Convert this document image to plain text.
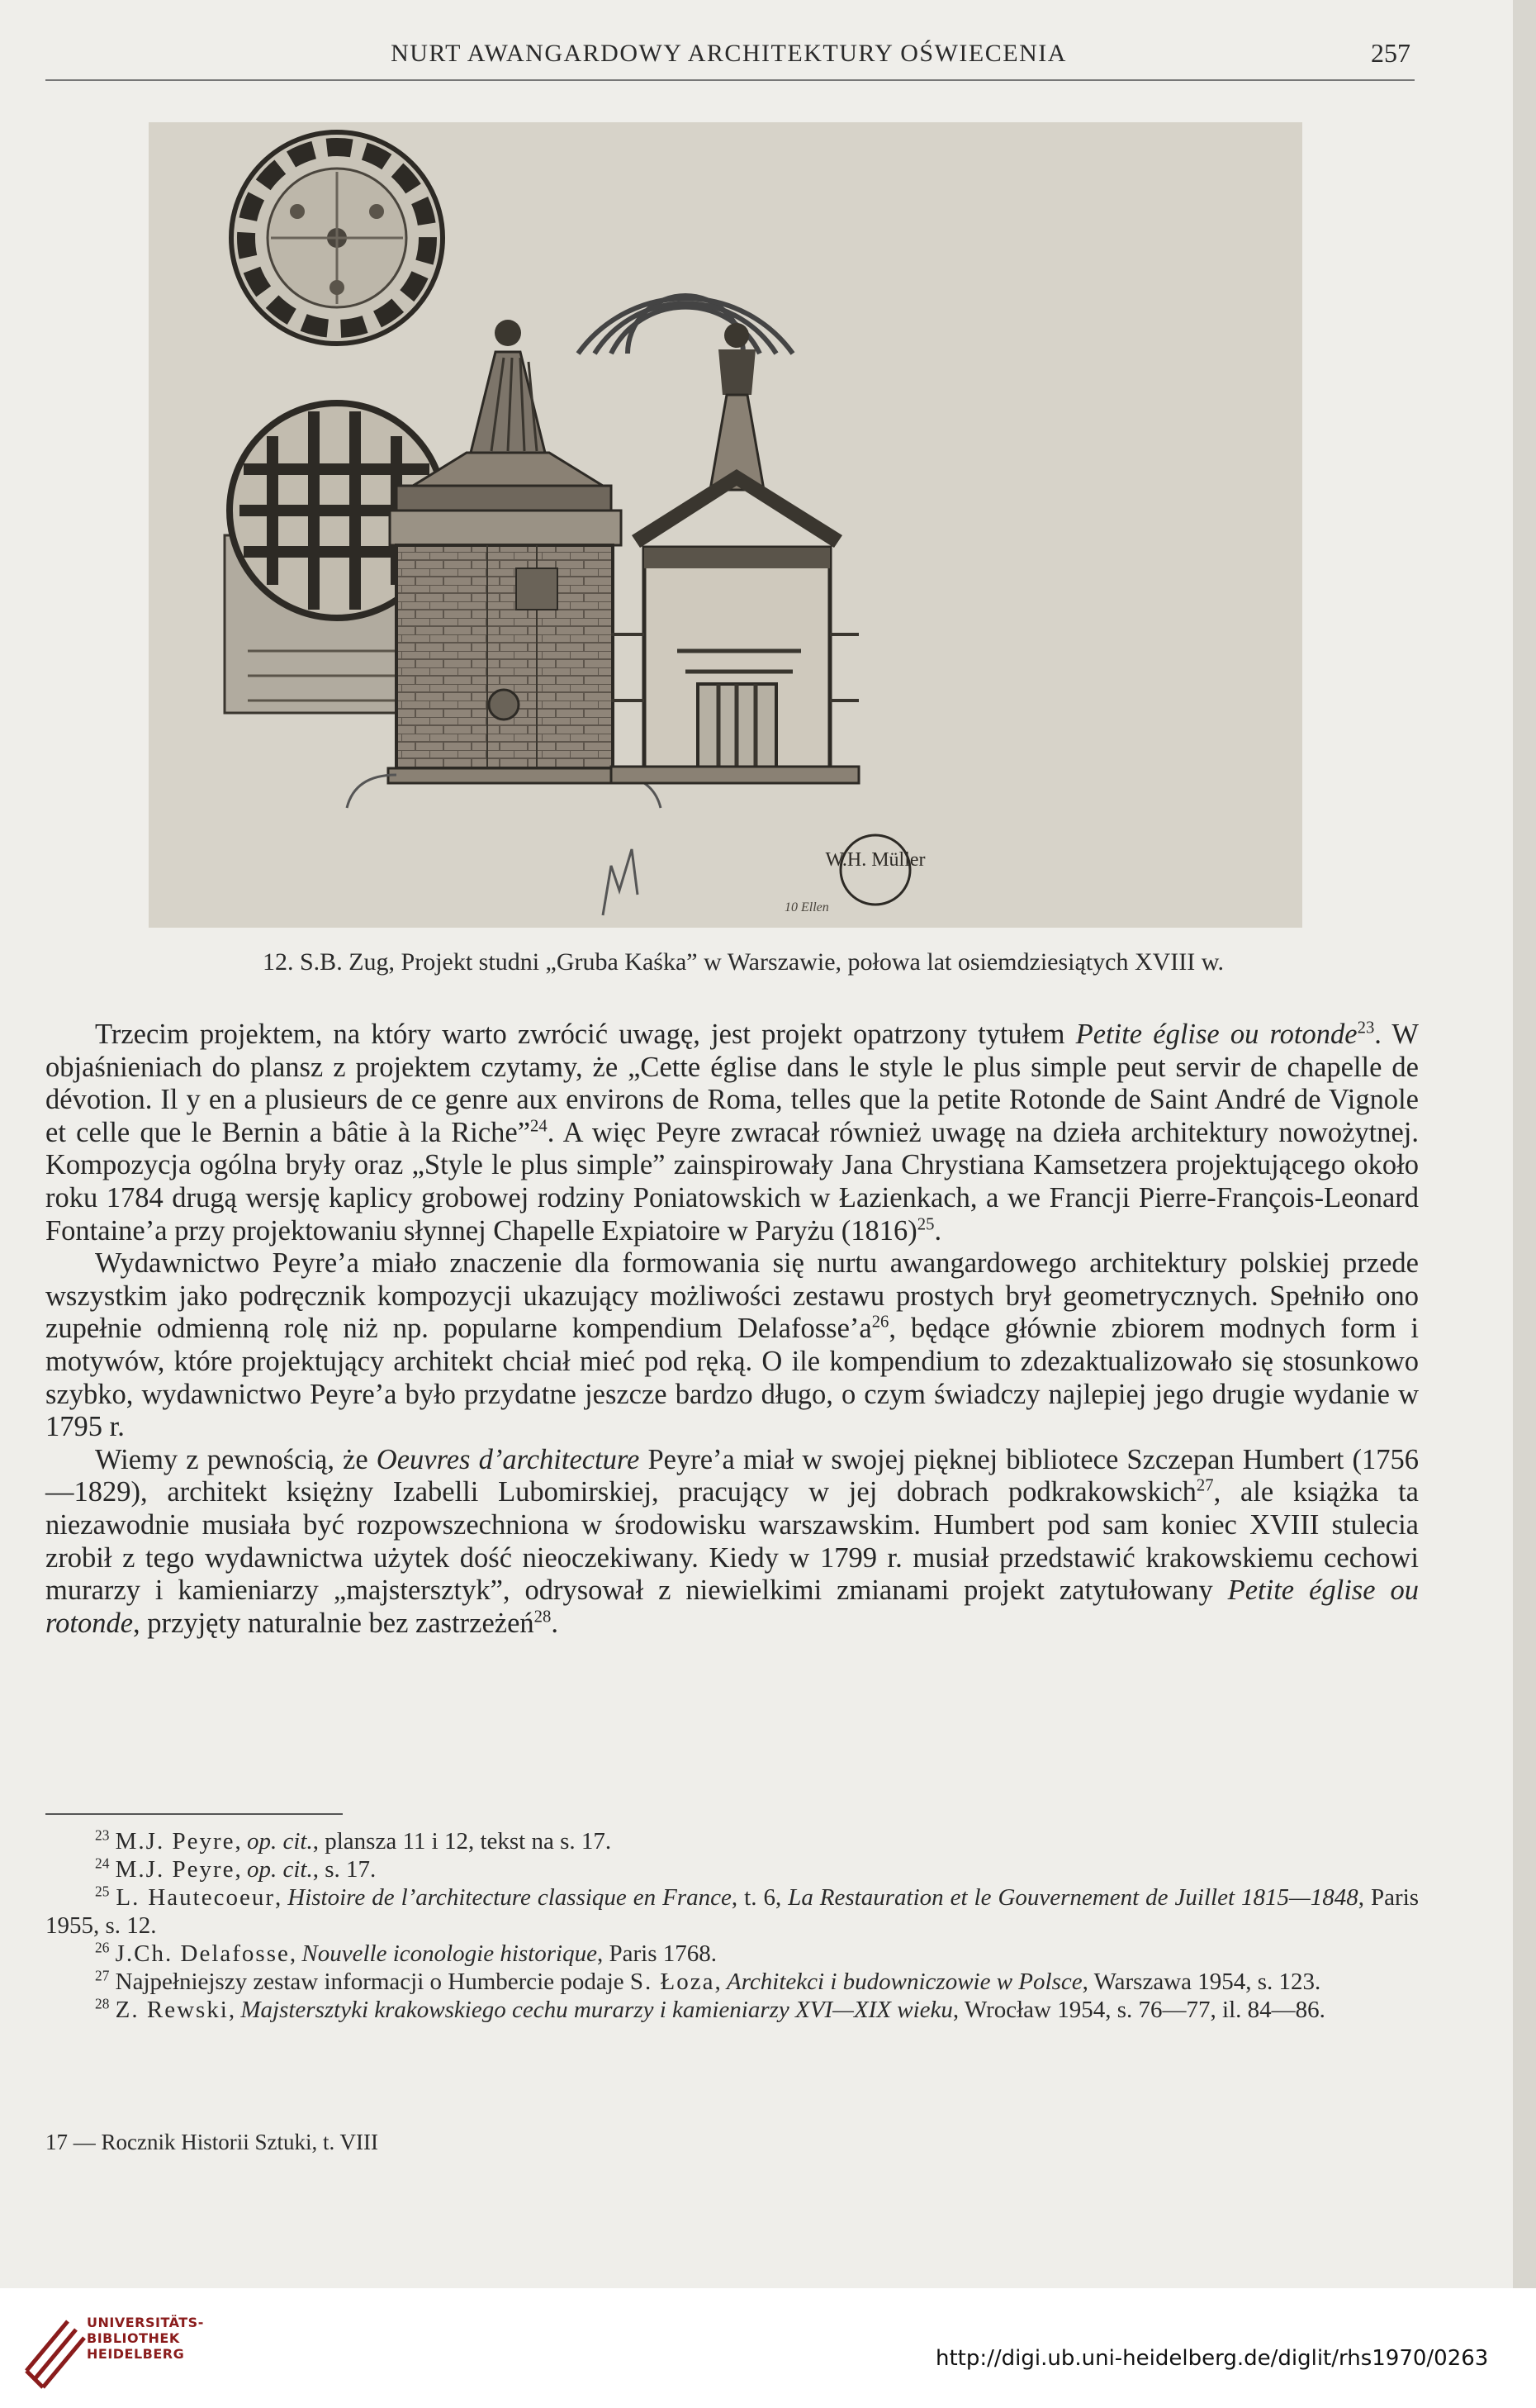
NURT AWANGARDOWY ARCHITEKTURY OŚWIECENIA	257
W.H. Müller
10 Ellen
12. S.B. Zug, Projekt studni „Gruba Kaśka” w Warszawie, połowa lat osiemdziesiątych XVIII w.

Trzecim projektem, na który warto zwrócić uwagę, jest projekt opatrzony tytułem Petite église ou rotonde$^{23}$. W objaśnieniach do plansz z projektem czytamy, że „Cette église dans le style le plus simple peut servir de chapelle de dévotion. Il y en a plusieurs de ce genre aux environs de Roma, telles que la petite Rotonde de Saint André de Vignole et celle que le Bernin a bâtie à la Riche”$^{24}$. A więc Peyre zwracał również uwagę na dzieła architektury nowożytnej. Kompozycja ogólna bryły oraz „Style le plus simple” zainspirowały Jana Chrystiana Kamsetzera projektującego około roku 1784 drugą wersję kaplicy grobowej rodziny Poniatowskich w Łazienkach, a we Francji Pierre-François-Leonard Fontaine’a przy projektowaniu słynnej Chapelle Expiatoire w Paryżu $(1816)^{25}$.

Wydawnictwo Peyre’a miało znaczenie dla formowania się nurtu awangardowego architektury polskiej przede wszystkim jako podręcznik kompozycji ukazujący możliwości zestawu prostych brył geometrycznych. Spełniło ono zupełnie odmienną rolę niż np. popularne kompendium $Delafosse’a^{26}$, będące głównie zbiorem modnych form i motywów, które projektujący architekt chciał mieć pod ręką. O ile kompendium to zdezaktualizowało się stosunkowo szybko, wydawnictwo Peyre’a było przydatne jeszcze bardzo długo, o czym świadczy najlepiej jego drugie wydanie w 1795 r.

Wiemy z pewnością, że Oeuvres d’architecture Peyre’a miał w swojej pięknej bibliotece Szczepan Humbert (1756—1829), architekt księżny Izabelli Lubomirskiej, pracujący w jej dobrach podkrakowskich$^{27}$, ale książka ta niezawodnie musiała być rozpowszechniona w środowisku warszawskim. Humbert pod sam koniec XVIII stulecia zrobił z tego wydawnictwa użytek dość nieoczekiwany. Kiedy w 1799 r. musiał przedstawić krakowskiemu cechowi murarzy i kamieniarzy „majstersztyk”, odrysował z niewielkimi zmianami projekt zatytułowany Petite église ou rotonde, przyjęty naturalnie bez zastrzeżeń$^{28}$.

$^{23}$ M.J. Peyre, op. cit., plansza 11 i 12, tekst na s. 17.

$^{24}$ M.J. Peyre, op. cit., s. 17.

$^{25}$ L. Hautecoeur, Histoire de l’architecture classique en France, t. 6, La Restauration et le Gouvernement de Juillet 1815—1848, Paris 1955, s. 12.

$^{26}$ J.Ch. Delafosse, Nouvelle iconologie historique, Paris 1768.

$^{27}$ Najpełniejszy zestaw informacji o Humbercie podaje S. Łoza, Architekci i budowniczowie w Polsce, Warszawa 1954, s. 123.

$^{28}$ Z. Rewski, Majstersztyki krakowskiego cechu murarzy i kamieniarzy XVI—XIX wieku, Wrocław 1954, s. 76—77, il. 84—86.

17 — Rocznik Historii Sztuki, t. VIII
UNIVERSITÄTS-
BIBLIOTHEK
HEIDELBERG	http://digi.ub.uni-heidelberg.de/diglit/rhs1970/0263
